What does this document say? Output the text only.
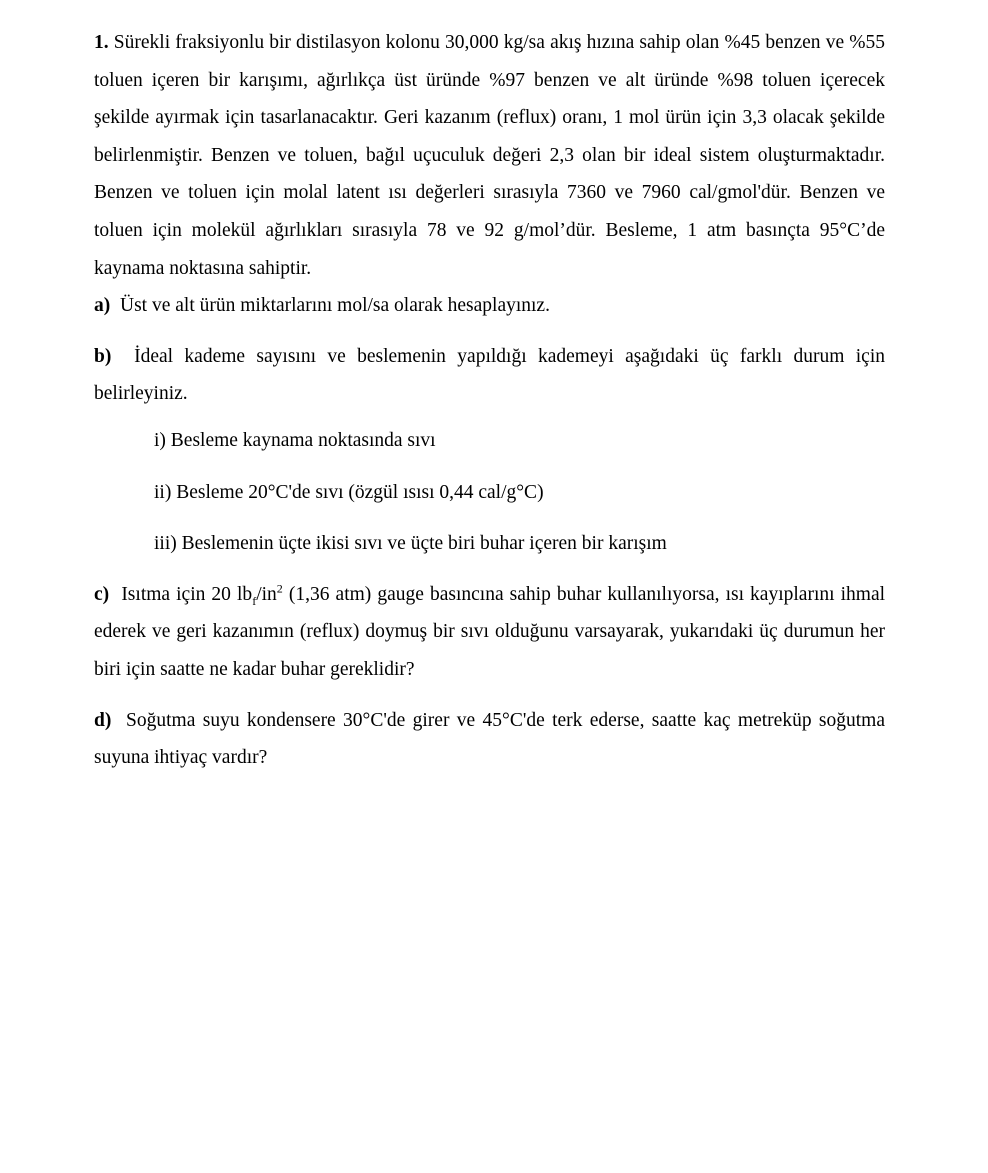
1. Sürekli fraksiyonlu bir distilasyon kolonu 30,000 kg/sa akış hızına sahip olan %45 benzen ve %55 toluen içeren bir karışımı, ağırlıkça üst üründe %97 benzen ve alt üründe %98 toluen içerecek şekilde ayırmak için tasarlanacaktır. Geri kazanım (reflux) oranı, 1 mol ürün için 3,3 olacak şekilde belirlenmiştir. Benzen ve toluen, bağıl uçuculuk değeri 2,3 olan bir ideal sistem oluşturmaktadır. Benzen ve toluen için molal latent ısı değerleri sırasıyla 7360 ve 7960 cal/gmol'dür. Benzen ve toluen için molekül ağırlıkları sırasıyla 78 ve 92 g/mol’dür. Besleme, 1 atm basınçta 95°C’de kaynama noktasına sahiptir.

a) Üst ve alt ürün miktarlarını mol/sa olarak hesaplayınız.

b) İdeal kademe sayısını ve beslemenin yapıldığı kademeyi aşağıdaki üç farklı durum için belirleyiniz.

i) Besleme kaynama noktasında sıvı
ii) Besleme 20°C'de sıvı (özgül ısısı 0,44 cal/g°C)
iii) Beslemenin üçte ikisi sıvı ve üçte biri buhar içeren bir karışım

c) Isıtma için 20 $lb_f/in^2$ (1,36 atm) gauge basıncına sahip buhar kullanılıyorsa, ısı kayıplarını ihmal ederek ve geri kazanımın (reflux) doymuş bir sıvı olduğunu varsayarak, yukarıdaki üç durumun her biri için saatte ne kadar buhar gereklidir?

d) Soğutma suyu kondensere 30°C'de girer ve 45°C'de terk ederse, saatte kaç metreküp soğutma suyuna ihtiyaç vardır?
